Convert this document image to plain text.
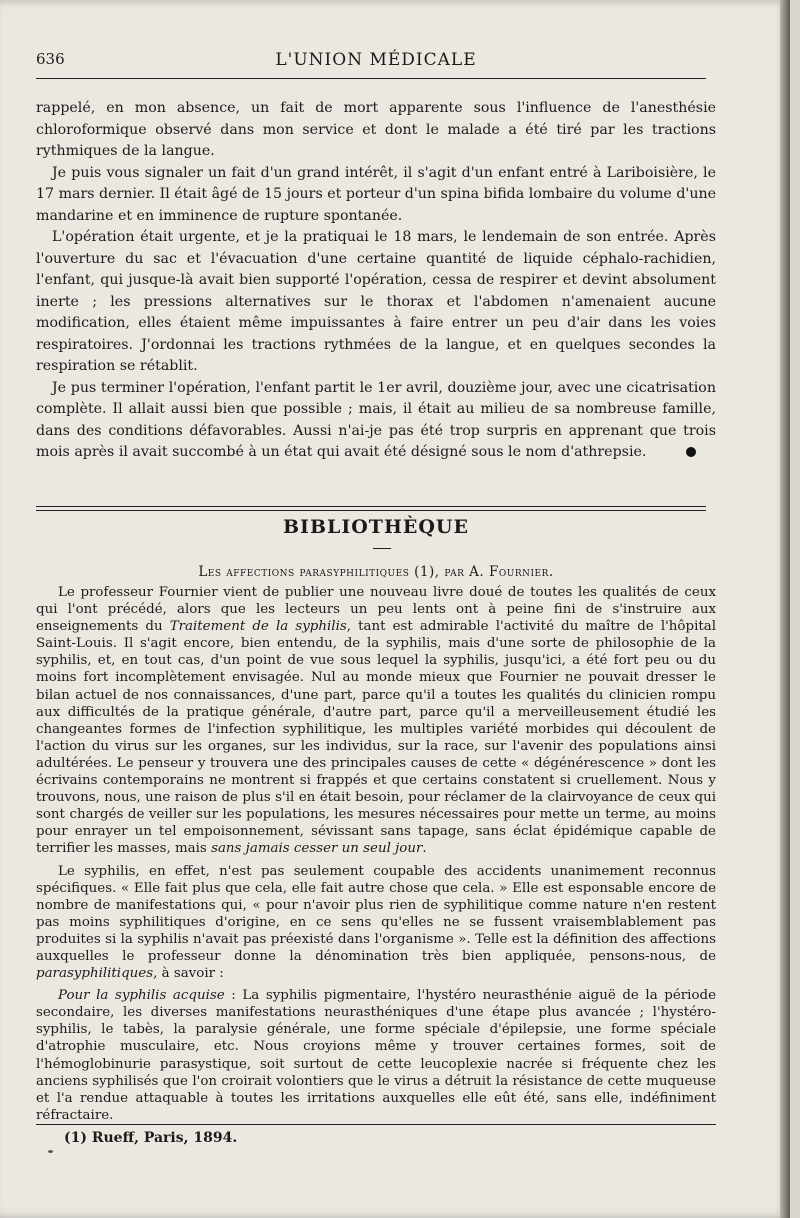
636	L'UNION MÉDICALE

rappelé, en mon absence, un fait de mort apparente sous l'influence de l'anesthésie chloroformique observé dans mon service et dont le malade a été tiré par les tractions rythmiques de la langue.

Je puis vous signaler un fait d'un grand intérêt, il s'agit d'un enfant entré à Lariboisière, le 17 mars dernier. Il était âgé de 15 jours et porteur d'un spina bifida lombaire du volume d'une mandarine et en imminence de rupture spontanée.

L'opération était urgente, et je la pratiquai le 18 mars, le lendemain de son entrée. Après l'ouverture du sac et l'évacuation d'une certaine quantité de liquide céphalo-rachidien, l'enfant, qui jusque-là avait bien supporté l'opération, cessa de respirer et devint absolument inerte ; les pressions alternatives sur le thorax et l'abdomen n'amenaient aucune modification, elles étaient même impuissantes à faire entrer un peu d'air dans les voies respiratoires. J'ordonnai les tractions rythmées de la langue, et en quelques secondes la respiration se rétablit.

Je pus terminer l'opération, l'enfant partit le 1er avril, douzième jour, avec une cicatrisation complète. Il allait aussi bien que possible ; mais, il était au milieu de sa nombreuse famille, dans des conditions défavorables. Aussi n'ai-je pas été trop surpris en apprenant que trois mois après il avait succombé à un état qui avait été désigné sous le nom d'athrepsie.

BIBLIOTHÈQUE
Les affections parasyphilitiques (1), par A. Fournier.

Le professeur Fournier vient de publier une nouveau livre doué de toutes les qualités de ceux qui l'ont précédé, alors que les lecteurs un peu lents ont à peine fini de s'instruire aux enseignements du Traitement de la syphilis, tant est admirable l'activité du maître de l'hôpital Saint-Louis. Il s'agit encore, bien entendu, de la syphilis, mais d'une sorte de philosophie de la syphilis, et, en tout cas, d'un point de vue sous lequel la syphilis, jusqu'ici, a été fort peu ou du moins fort incomplètement envisagée. Nul au monde mieux que Fournier ne pouvait dresser le bilan actuel de nos connaissances, d'une part, parce qu'il a toutes les qualités du clinicien rompu aux difficultés de la pratique générale, d'autre part, parce qu'il a merveilleusement étudié les changeantes formes de l'infection syphilitique, les multiples variété morbides qui découlent de l'action du virus sur les organes, sur les individus, sur la race, sur l'avenir des populations ainsi adultérées. Le penseur y trouvera une des principales causes de cette « dégénérescence » dont les écrivains contemporains ne montrent si frappés et que certains constatent si cruellement. Nous y trouvons, nous, une raison de plus s'il en était besoin, pour réclamer de la clairvoyance de ceux qui sont chargés de veiller sur les populations, les mesures nécessaires pour mette un terme, au moins pour enrayer un tel empoisonnement, sévissant sans tapage, sans éclat épidémique capable de terrifier les masses, mais sans jamais cesser un seul jour.

Le syphilis, en effet, n'est pas seulement coupable des accidents unanimement reconnus spécifiques. « Elle fait plus que cela, elle fait autre chose que cela. » Elle est esponsable encore de nombre de manifestations qui, « pour n'avoir plus rien de syphilitique comme nature n'en restent pas moins syphilitiques d'origine, en ce sens qu'elles ne se fussent vraisemblablement pas produites si la syphilis n'avait pas préexisté dans l'organisme ». Telle est la définition des affections auxquelles le professeur donne la dénomination très bien appliquée, pensons-nous, de parasyphilitiques, à savoir :

Pour la syphilis acquise : La syphilis pigmentaire, l'hystéro neurasthénie aiguë de la période secondaire, les diverses manifestations neurasthéniques d'une étape plus avancée ; l'hystéro-syphilis, le tabès, la paralysie générale, une forme spéciale d'épilepsie, une forme spéciale d'atrophie musculaire, etc. Nous croyions même y trouver certaines formes, soit de l'hémoglobinurie parasystique, soit surtout de cette leucoplexie nacrée si fréquente chez les anciens syphilisés que l'on croirait volontiers que le virus a détruit la résistance de cette muqueuse et l'a rendue attaquable à toutes les irritations auxquelles elle eût été, sans elle, indéfiniment réfractaire.

(1) Rueff, Paris, 1894.
